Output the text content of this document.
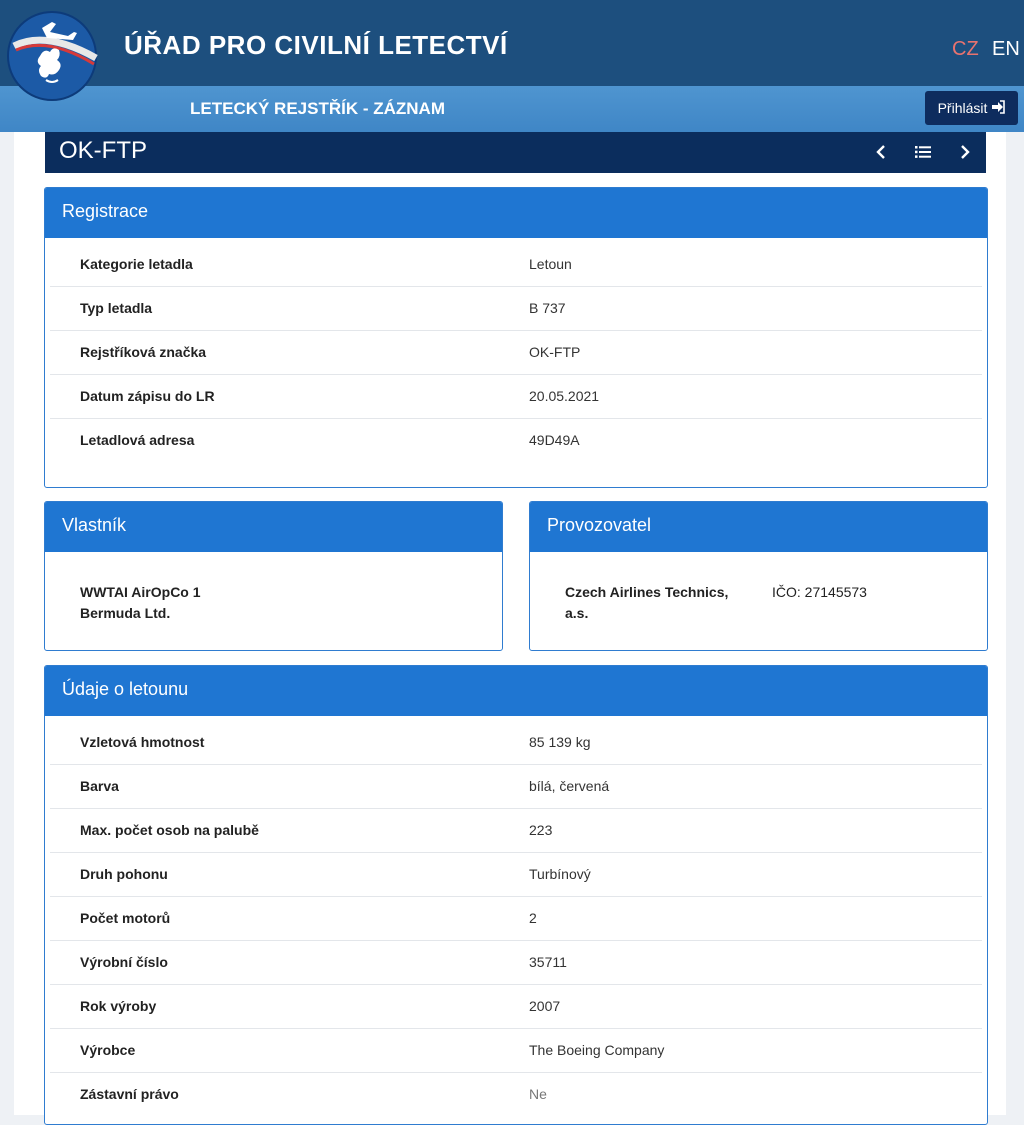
ÚŘAD PRO CIVILNÍ LETECTVÍ	CZ EN
LETECKÝ REJSTŘÍK - ZÁZNAM	Přihlásit
OK-FTP
Registrace
Kategorie letadla	Letoun
Typ letadla	B 737
Rejstříková značka	OK-FTP
Datum zápisu do LR	20.05.2021
Letadlová adresa	49D49A
Vlastník
WWTAI AirOpCo 1
Bermuda Ltd.
Provozovatel
Czech Airlines Technics,
a.s.
IČO: 27145573
Údaje o letounu
Vzletová hmotnost	85 139 kg
Barva	bílá, červená
Max. počet osob na palubě	223
Druh pohonu	Turbínový
Počet motorů	2
Výrobní číslo	35711
Rok výroby	2007
Výrobce	The Boeing Company
Zástavní právo	Ne
